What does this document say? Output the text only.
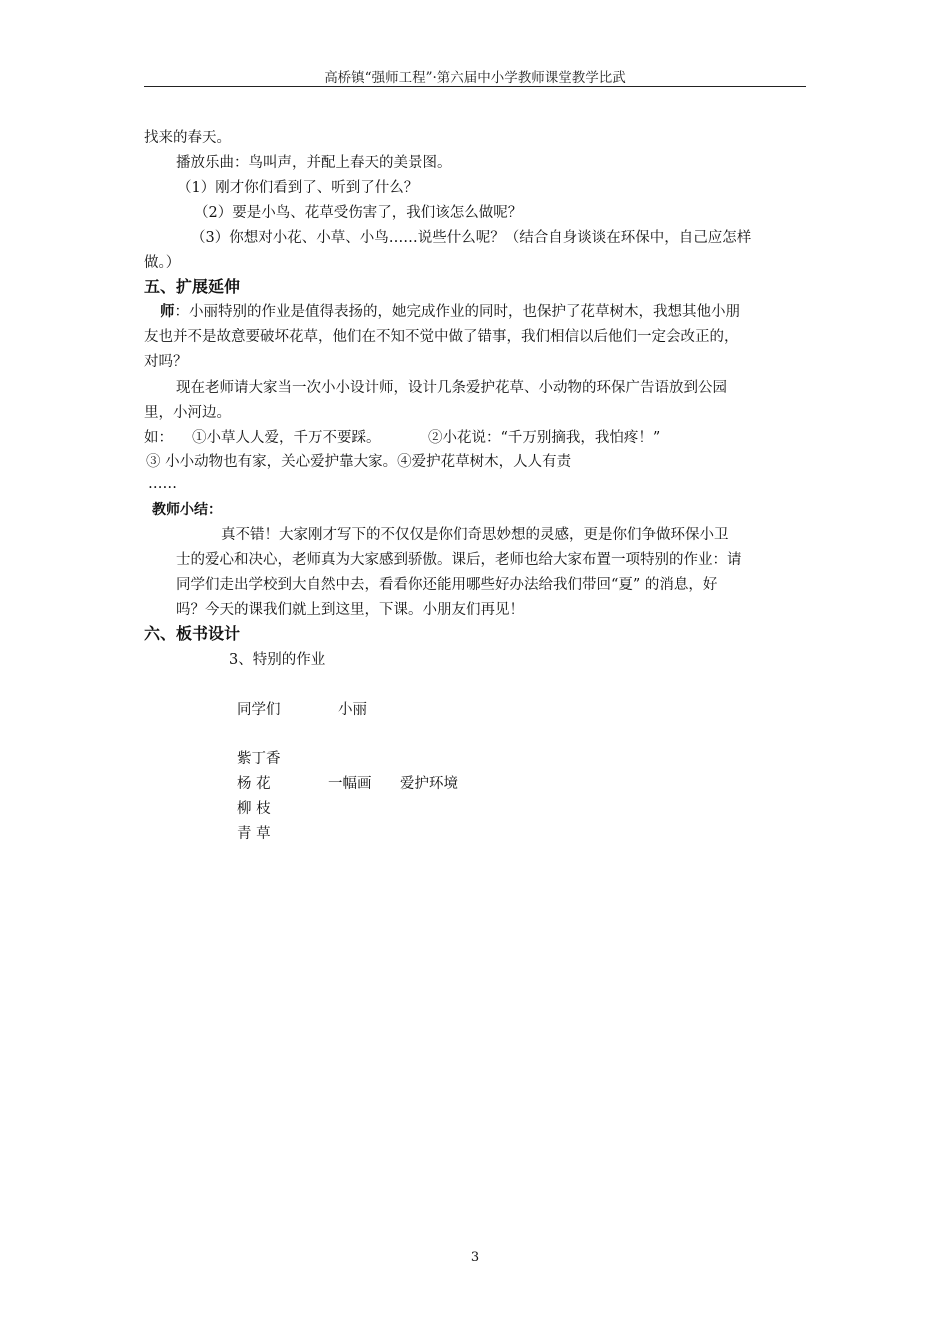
高桥镇“强师工程”·第六届中小学教师课堂教学比武
找来的春天。
播放乐曲：鸟叫声，并配上春天的美景图。
（1）刚才你们看到了、听到了什么？
（2）要是小鸟、花草受伤害了，我们该怎么做呢？
（3）你想对小花、小草、小鸟……说些什么呢？（结合自身谈谈在环保中，自己应怎样
做。）
五、扩展延伸
师：小丽特别的作业是值得表扬的，她完成作业的同时，也保护了花草树木，我想其他小朋
友也并不是故意要破坏花草，他们在不知不觉中做了错事，我们相信以后他们一定会改正的，
对吗？
现在老师请大家当一次小小设计师，设计几条爱护花草、小动物的环保广告语放到公园
里，小河边。
如： ①小草人人爱，千万不要踩。	②小花说：“千万别摘我，我怕疼！”
③ 小小动物也有家，关心爱护靠大家。④爱护花草树木，人人有责
……
教师小结：
真不错！大家刚才写下的不仅仅是你们奇思妙想的灵感，更是你们争做环保小卫
士的爱心和决心，老师真为大家感到骄傲。课后，老师也给大家布置一项特别的作业：请
同学们走出学校到大自然中去，看看你还能用哪些好办法给我们带回“夏” 的消息，好
吗？今天的课我们就上到这里，下课。小朋友们再见！
六、板书设计
3、特别的作业
同学们	小丽
紫丁香
杨 花	一幅画 爱护环境
柳 枝
青 草
3
